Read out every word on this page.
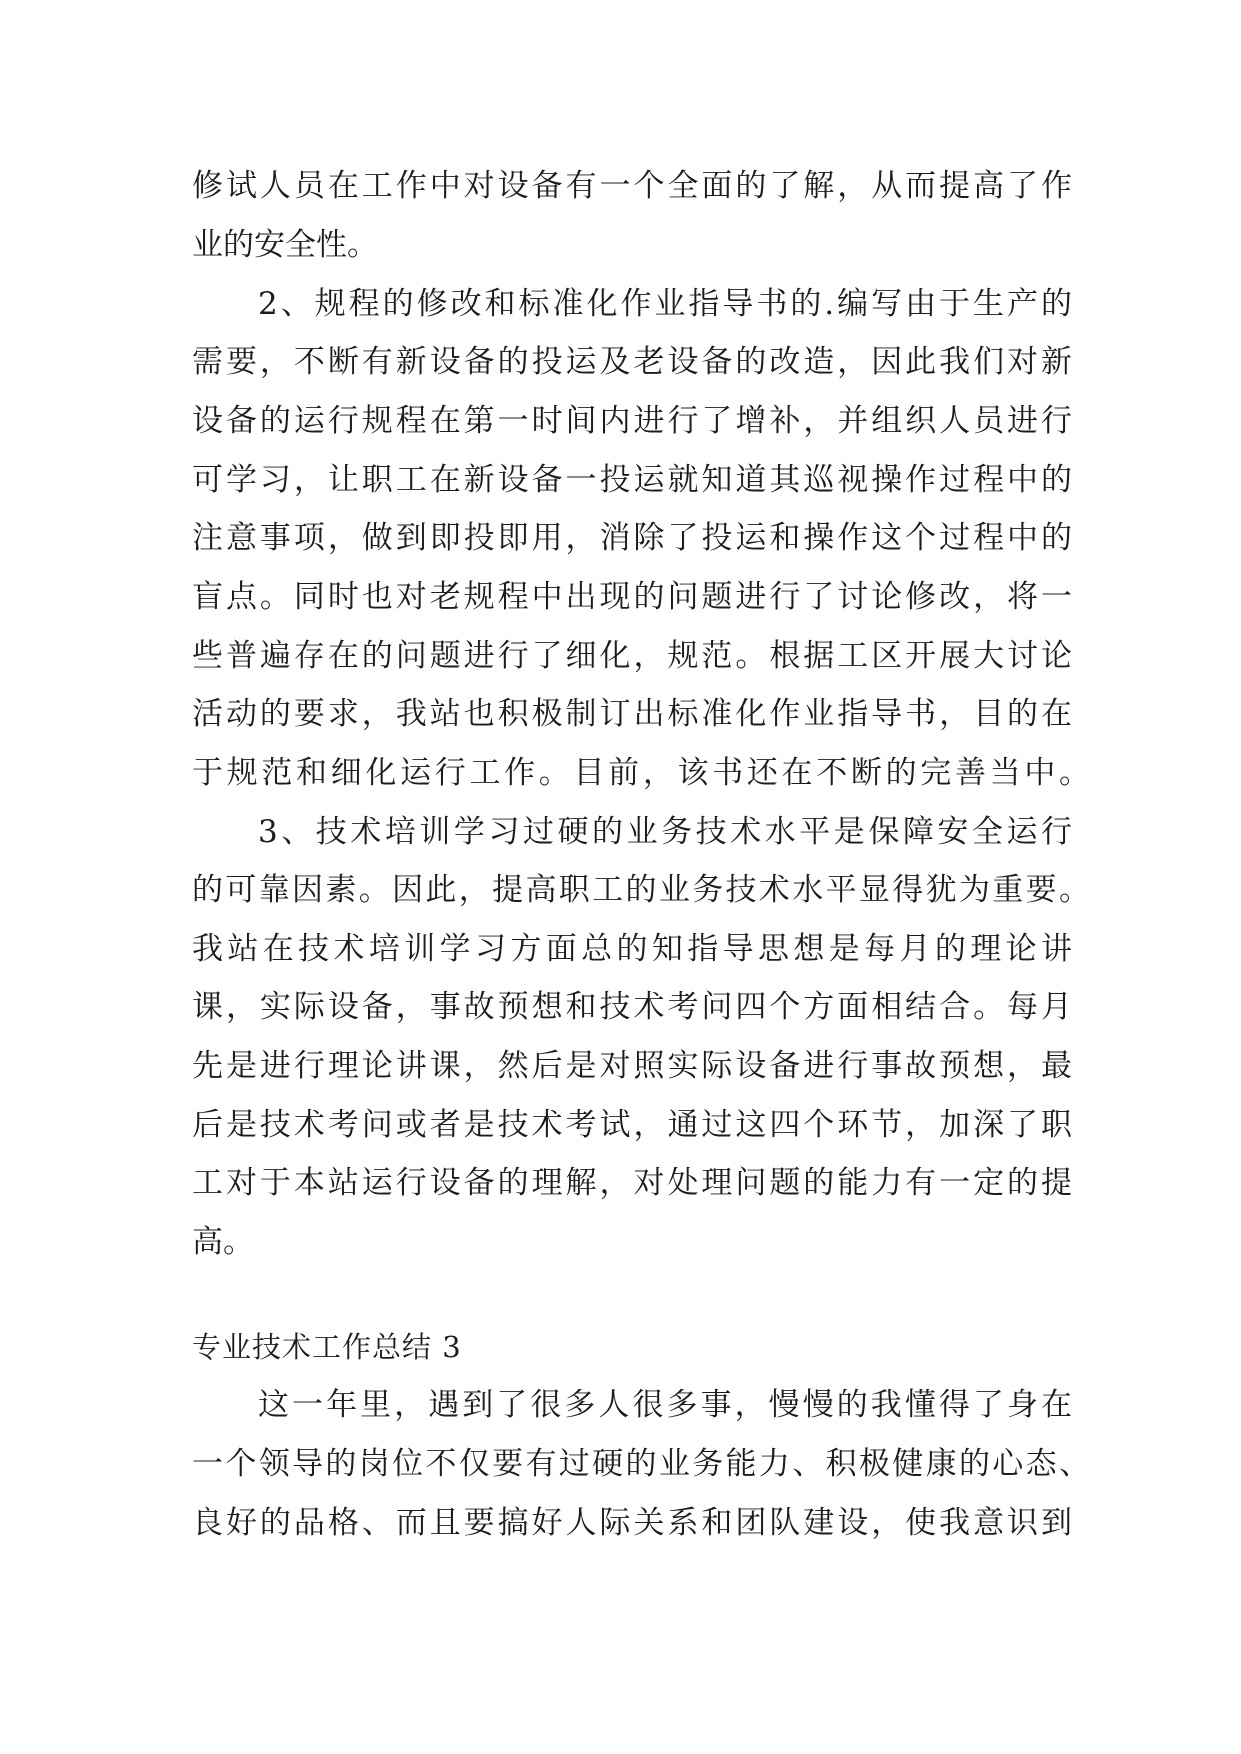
修试人员在工作中对设备有一个全面的了解，从而提高了作
业的安全性。
2、规程的修改和标准化作业指导书的.编写由于生产的
需要，不断有新设备的投运及老设备的改造，因此我们对新
设备的运行规程在第一时间内进行了增补，并组织人员进行
可学习，让职工在新设备一投运就知道其巡视操作过程中的
注意事项，做到即投即用，消除了投运和操作这个过程中的
盲点。同时也对老规程中出现的问题进行了讨论修改，将一
些普遍存在的问题进行了细化，规范。根据工区开展大讨论
活动的要求，我站也积极制订出标准化作业指导书，目的在
于规范和细化运行工作。目前，该书还在不断的完善当中。
3、技术培训学习过硬的业务技术水平是保障安全运行
的可靠因素。因此，提高职工的业务技术水平显得犹为重要。
我站在技术培训学习方面总的知指导思想是每月的理论讲
课，实际设备，事故预想和技术考问四个方面相结合。每月
先是进行理论讲课，然后是对照实际设备进行事故预想，最
后是技术考问或者是技术考试，通过这四个环节，加深了职
工对于本站运行设备的理解，对处理问题的能力有一定的提
高。
专业技术工作总结 3
这一年里，遇到了很多人很多事，慢慢的我懂得了身在
一个领导的岗位不仅要有过硬的业务能力、积极健康的心态、
良好的品格、而且要搞好人际关系和团队建设，使我意识到
